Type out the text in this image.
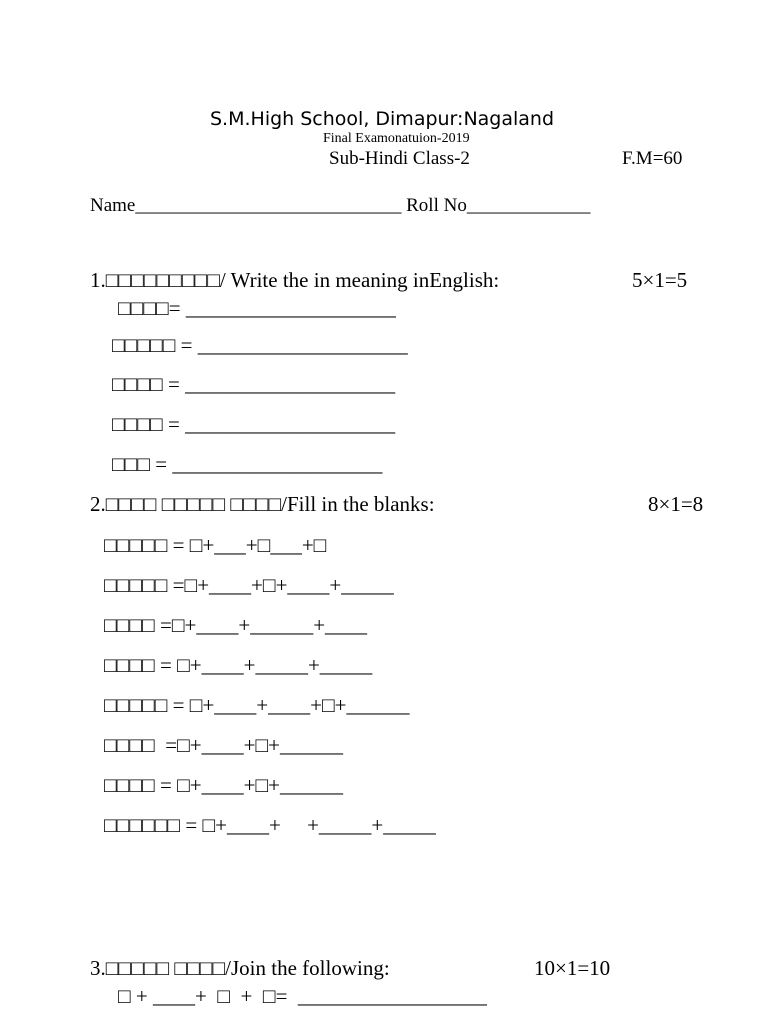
S.M.High School, Dimapur:Nagaland
Final Examonatuion-2019
Sub-Hindi Class-2	F.M=60
Name____________________________ Roll No_____________
1.□□□□□□□□□/ Write the in meaning inEnglish:	5×1=5
□□□□= ____________________
□□□□□ = ____________________
□□□□ = ____________________
□□□□ = ____________________
□□□ = ____________________
2.□□□□ □□□□□ □□□□/Fill in the blanks:	8×1=8
□□□□□ = □+___+□___+□
□□□□□ =□+____+□+____+_____
□□□□ =□+____+______+____
□□□□ = □+____+_____+_____
□□□□□ = □+____+____+□+______
□□□□  =□+____+□+______
□□□□ = □+____+□+______
□□□□□□ = □+____+     +_____+_____
3.□□□□□ □□□□/Join the following:	10×1=10
□ + ____+  □  +  □=  __________________
